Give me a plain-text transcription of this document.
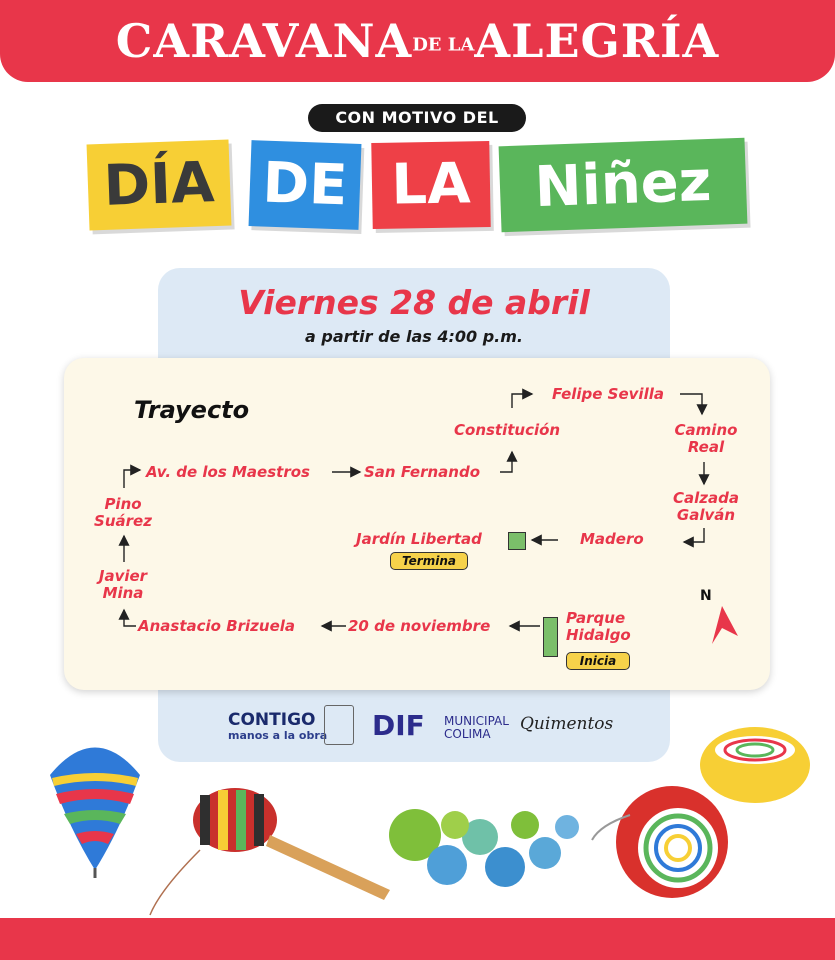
CARAVANADE LAALEGRÍA
CON MOTIVO DEL
DÍA DE LA	Niñez
Viernes 28 de abril
a partir de las 4:00 p.m.
Trayecto
Av. de los Maestros	San Fernando
Constitución
Felipe Sevilla
Camino
Real
Calzada
Galván
Madero
Jardín Libertad
Termina
Pino
Suárez
Javier
Mina
Anastacio Brizuela	20 de noviembre	Parque
Hidalgo
Inicia
N
CONTIGO
manos a la obra DIF MUNICIPAL
COLIMA	Quimentos
